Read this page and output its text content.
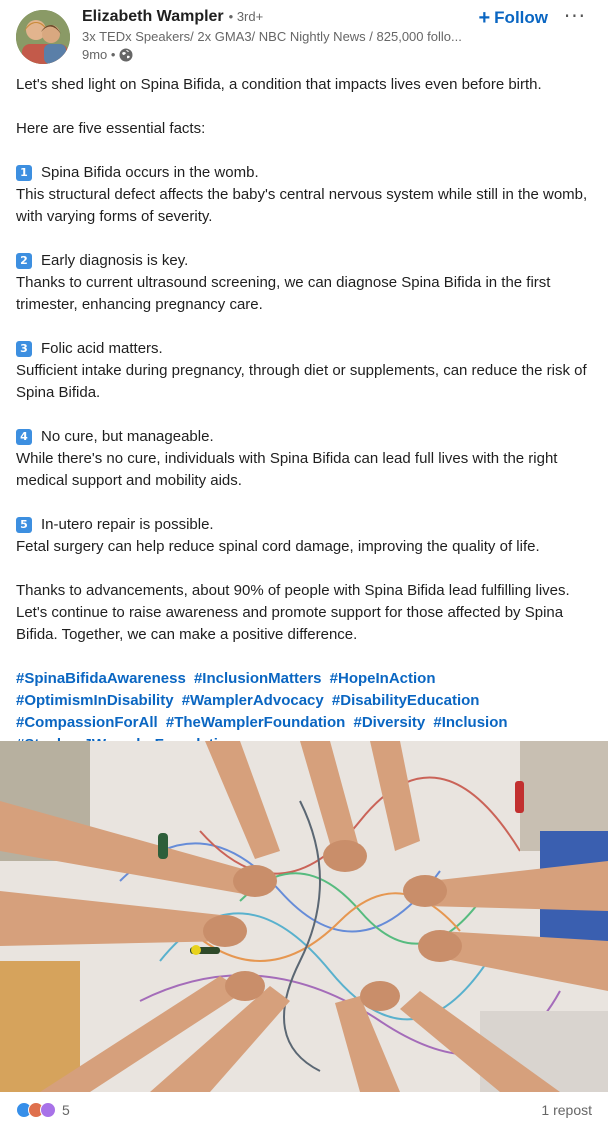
Elizabeth Wampler • 3rd+
3x TEDx Speakers/ 2x GMA3/ NBC Nightly News / 825,000 follo...
9mo •
+ Follow ···

Let's shed light on Spina Bifida, a condition that impacts lives even before birth.

Here are five essential facts:

1 Spina Bifida occurs in the womb.

This structural defect affects the baby's central nervous system while still in the womb, with varying forms of severity.

2 Early diagnosis is key.

Thanks to current ultrasound screening, we can diagnose Spina Bifida in the first trimester, enhancing pregnancy care.

3 Folic acid matters.

Sufficient intake during pregnancy, through diet or supplements, can reduce the risk of Spina Bifida.

4 No cure, but manageable.

While there's no cure, individuals with Spina Bifida can lead full lives with the right medical support and mobility aids.

5 In-utero repair is possible.

Fetal surgery can help reduce spinal cord damage, improving the quality of life.

Thanks to advancements, about 90% of people with Spina Bifida lead fulfilling lives. Let's continue to raise awareness and promote support for those affected by Spina Bifida. Together, we can make a positive difference.

#SpinaBifidaAwareness #InclusionMatters #HopeInAction #OptimismInDisability #WamplerAdvocacy #DisabilityEducation #CompassionForAll #TheWamplerFoundation #Diversity #Inclusion

5	1 repost
